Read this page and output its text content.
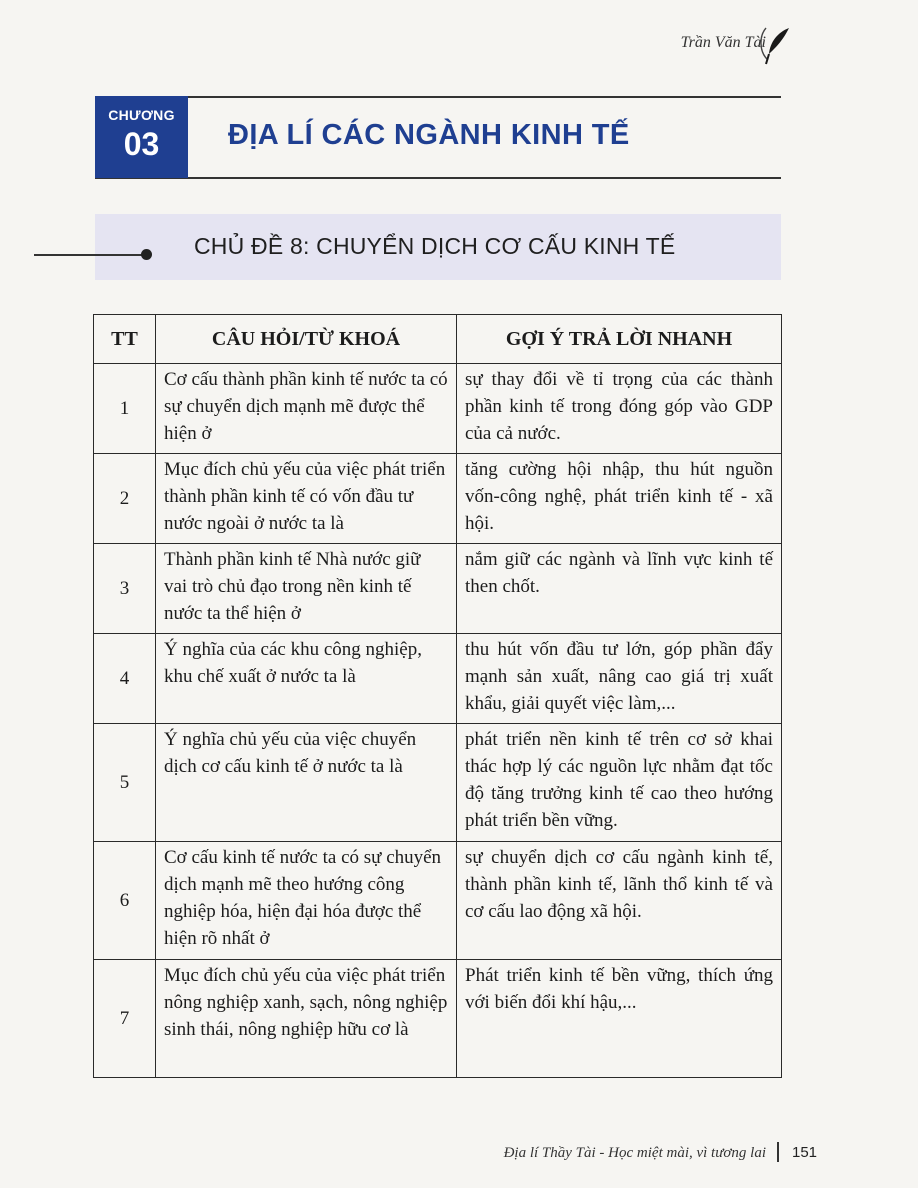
Trần Văn Tài
CHƯƠNG
03	ĐỊA LÍ CÁC NGÀNH KINH TẾ
CHỦ ĐỀ 8: CHUYỂN DỊCH CƠ CẤU KINH TẾ
TT	CÂU HỎI/TỪ KHOÁ	GỢI Ý TRẢ LỜI NHANH
1	Cơ cấu thành phần kinh tế nước ta có sự chuyển dịch mạnh mẽ được thể hiện ở	sự thay đổi về tỉ trọng của các thành phần kinh tế trong đóng góp vào GDP của cả nước.
2	Mục đích chủ yếu của việc phát triển thành phần kinh tế có vốn đầu tư nước ngoài ở nước ta là	tăng cường hội nhập, thu hút nguồn vốn-công nghệ, phát triển kinh tế - xã hội.
3	Thành phần kinh tế Nhà nước giữ vai trò chủ đạo trong nền kinh tế nước ta thể hiện ở	nắm giữ các ngành và lĩnh vực kinh tế then chốt.
4	Ý nghĩa của các khu công nghiệp, khu chế xuất ở nước ta là	thu hút vốn đầu tư lớn, góp phần đẩy mạnh sản xuất, nâng cao giá trị xuất khẩu, giải quyết việc làm,...
5	Ý nghĩa chủ yếu của việc chuyển dịch cơ cấu kinh tế ở nước ta là	phát triển nền kinh tế trên cơ sở khai thác hợp lý các nguồn lực nhằm đạt tốc độ tăng trưởng kinh tế cao theo hướng phát triển bền vững.
6	Cơ cấu kinh tế nước ta có sự chuyển dịch mạnh mẽ theo hướng công nghiệp hóa, hiện đại hóa được thể hiện rõ nhất ở	sự chuyển dịch cơ cấu ngành kinh tế, thành phần kinh tế, lãnh thổ kinh tế và cơ cấu lao động xã hội.
7	Mục đích chủ yếu của việc phát triển nông nghiệp xanh, sạch, nông nghiệp sinh thái, nông nghiệp hữu cơ là	Phát triển kinh tế bền vững, thích ứng với biến đổi khí hậu,...
Địa lí Thầy Tài - Học miệt mài, vì tương lai 151
